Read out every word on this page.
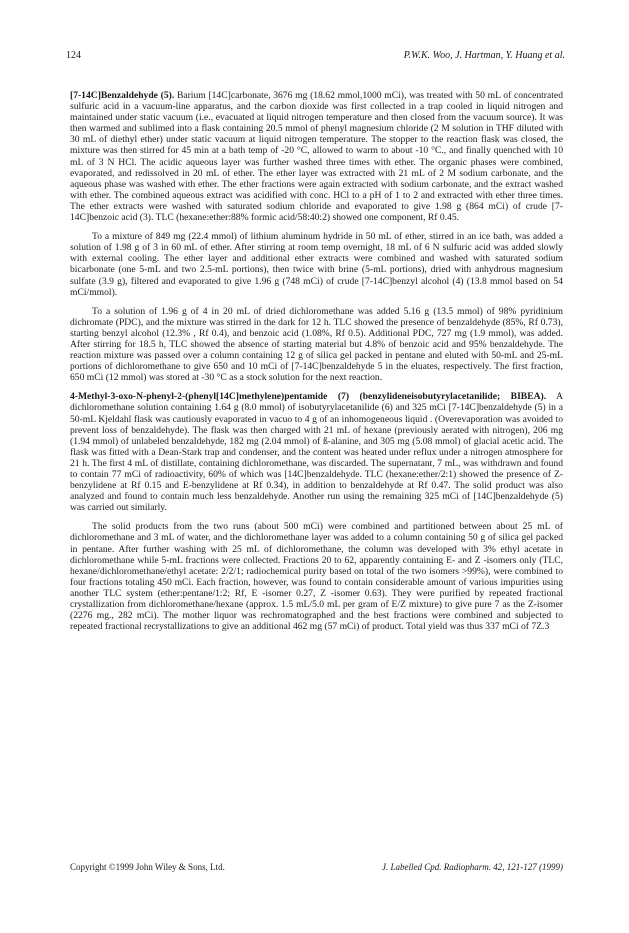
124	P.W.K. Woo, J. Hartman, Y. Huang et al.

[7-14C]Benzaldehyde (5). Barium [14C]carbonate, 3676 mg (18.62 mmol,1000 mCi), was treated with 50 mL of concentrated sulfuric acid in a vacuum-line apparatus, and the carbon dioxide was first collected in a trap cooled in liquid nitrogen and maintained under static vacuum (i.e., evacuated at liquid nitrogen temperature and then closed from the vacuum source). It was then warmed and sublimed into a flask containing 20.5 mmol of phenyl magnesium chloride (2 M solution in THF diluted with 30 mL of diethyl ether) under static vacuum at liquid nitrogen temperature. The stopper to the reaction flask was closed, the mixture was then stirred for 45 min at a bath temp of -20 °C, allowed to warm to about -10 °C., and finally quenched with 10 mL of 3 N HCl. The acidic aqueous layer was further washed three times with ether. The organic phases were combined, evaporated, and redissolved in 20 mL of ether. The ether layer was extracted with 21 mL of 2 M sodium carbonate, and the aqueous phase was washed with ether. The ether fractions were again extracted with sodium carbonate, and the extract washed with ether. The combined aqueous extract was acidified with conc. HCl to a pH of 1 to 2 and extracted with ether three times. The ether extracts were washed with saturated sodium chloride and evaporated to give 1.98 g (864 mCi) of crude [7-14C]benzoic acid (3). TLC (hexane:ether:88% formic acid/58:40:2) showed one component, Rf 0.45.

To a mixture of 849 mg (22.4 mmol) of lithium aluminum hydride in 50 mL of ether, stirred in an ice bath, was added a solution of 1.98 g of 3 in 60 mL of ether. After stirring at room temp overnight, 18 mL of 6 N sulfuric acid was added slowly with external cooling. The ether layer and additional ether extracts were combined and washed with saturated sodium bicarbonate (one 5-mL and two 2.5-mL portions), then twice with brine (5-mL portions), dried with anhydrous magnesium sulfate (3.9 g), filtered and evaporated to give 1.96 g (748 mCi) of crude [7-14C]benzyl alcohol (4) (13.8 mmol based on 54 mCi/mmol).

To a solution of 1.96 g of 4 in 20 mL of dried dichloromethane was added 5.16 g (13.5 mmol) of 98% pyridinium dichromate (PDC), and the mixture was stirred in the dark for 12 h. TLC showed the presence of benzaldehyde (85%, Rf 0.73), starting benzyl alcohol (12.3% , Rf 0.4), and benzoic acid (1.08%, Rf 0.5). Additional PDC, 727 mg (1.9 mmol), was added. After stirring for 18.5 h, TLC showed the absence of starting material but 4.8% of benzoic acid and 95% benzaldehyde. The reaction mixture was passed over a column containing 12 g of silica gel packed in pentane and eluted with 50-mL and 25-mL portions of dichloromethane to give 650 and 10 mCi of [7-14C]benzaldehyde 5 in the eluates, respectively. The first fraction, 650 mCi (12 mmol) was stored at -30 °C as a stock solution for the next reaction.

4-Methyl-3-oxo-N-phenyl-2-(phenyl[14C]methylene)pentamide (7) (benzylideneisobutyrylacetanilide; BIBEA). A dichloromethane solution containing 1.64 g (8.0 mmol) of isobutyrylacetanilide (6) and 325 mCi [7-14C]benzaldehyde (5) in a 50-mL Kjeldahl flask was cautiously evaporated in vacuo to 4 g of an inhomogeneous liquid . (Overevaporation was avoided to prevent loss of benzaldehyde). The flask was then charged with 21 mL of hexane (previously aerated with nitrogen), 206 mg (1.94 mmol) of unlabeled benzaldehyde, 182 mg (2.04 mmol) of ß-alanine, and 305 mg (5.08 mmol) of glacial acetic acid. The flask was fitted with a Dean-Stark trap and condenser, and the content was heated under reflux under a nitrogen atmosphere for 21 h. The first 4 mL of distillate, containing dichloromethane, was discarded. The supernatant, 7 mL, was withdrawn and found to contain 77 mCi of radioactivity, 60% of which was [14C]benzaldehyde. TLC (hexane:ether/2:1) showed the presence of Z-benzylidene at Rf 0.15 and E-benzylidene at Rf 0.34), in addition to benzaldehyde at Rf 0.47. The solid product was also analyzed and found to contain much less benzaldehyde. Another run using the remaining 325 mCi of [14C]benzaldehyde (5) was carried out similarly.

The solid products from the two runs (about 500 mCi) were combined and partitioned between about 25 mL of dichloromethane and 3 mL of water, and the dichloromethane layer was added to a column containing 50 g of silica gel packed in pentane. After further washing with 25 mL of dichloromethane, the column was developed with 3% ethyl acetate in dichloromethane while 5-mL fractions were collected. Fractions 20 to 62, apparently containing E- and Z -isomers only (TLC, hexane/dichloromethane/ethyl acetate: 2/2/1; radiochemical purity based on total of the two isomers >99%), were combined to four fractions totaling 450 mCi. Each fraction, however, was found to contain considerable amount of various impurities using another TLC system (ether:pentane/1:2; Rf, E -isomer 0.27, Z -isomer 0.63). They were purified by repeated fractional crystallization from dichloromethane/hexane (approx. 1.5 mL/5.0 mL per gram of E/Z mixture) to give pure 7 as the Z-isomer (2276 mg., 282 mCi). The mother liquor was rechromatographed and the best fractions were combined and subjected to repeated fractional recrystallizations to give an additional 462 mg (57 mCi) of product. Total yield was thus 337 mCi of 7Z.3

Copyright ©1999 John Wiley & Sons, Ltd.	J. Labelled Cpd. Radiopharm. 42, 121-127 (1999)
